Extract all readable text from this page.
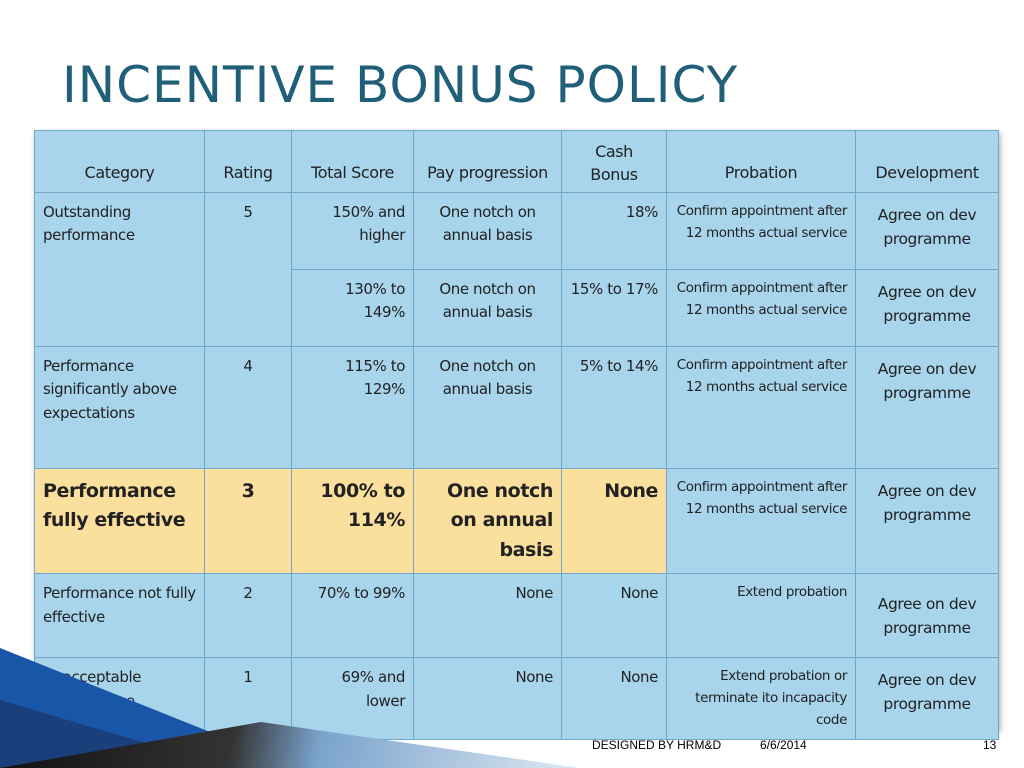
INCENTIVE BONUS POLICY
Category	Rating	Total Score	Pay progression	Cash Bonus	Probation	Development
Outstanding performance	5	150% and higher	One notch on annual basis	18%	Confirm appointment after 12 months actual service	Agree on dev programme
		130% to 149%	One notch on annual basis	15% to 17%	Confirm appointment after 12 months actual service	Agree on dev programme
Performance significantly above expectations	4	115% to 129%	One notch on annual basis	5% to 14%	Confirm appointment after 12 months actual service	Agree on dev programme
Performance fully effective	3	100% to 114%	One notch on annual basis	None	Confirm appointment after 12 months actual service	Agree on dev programme
Performance not fully effective	2	70% to 99%	None	None	Extend probation	Agree on dev programme
Unacceptable performance	1	69% and lower	None	None	Extend probation or terminate ito incapacity code	Agree on dev programme
DESIGNED BY HRM&D	6/6/2014	13
